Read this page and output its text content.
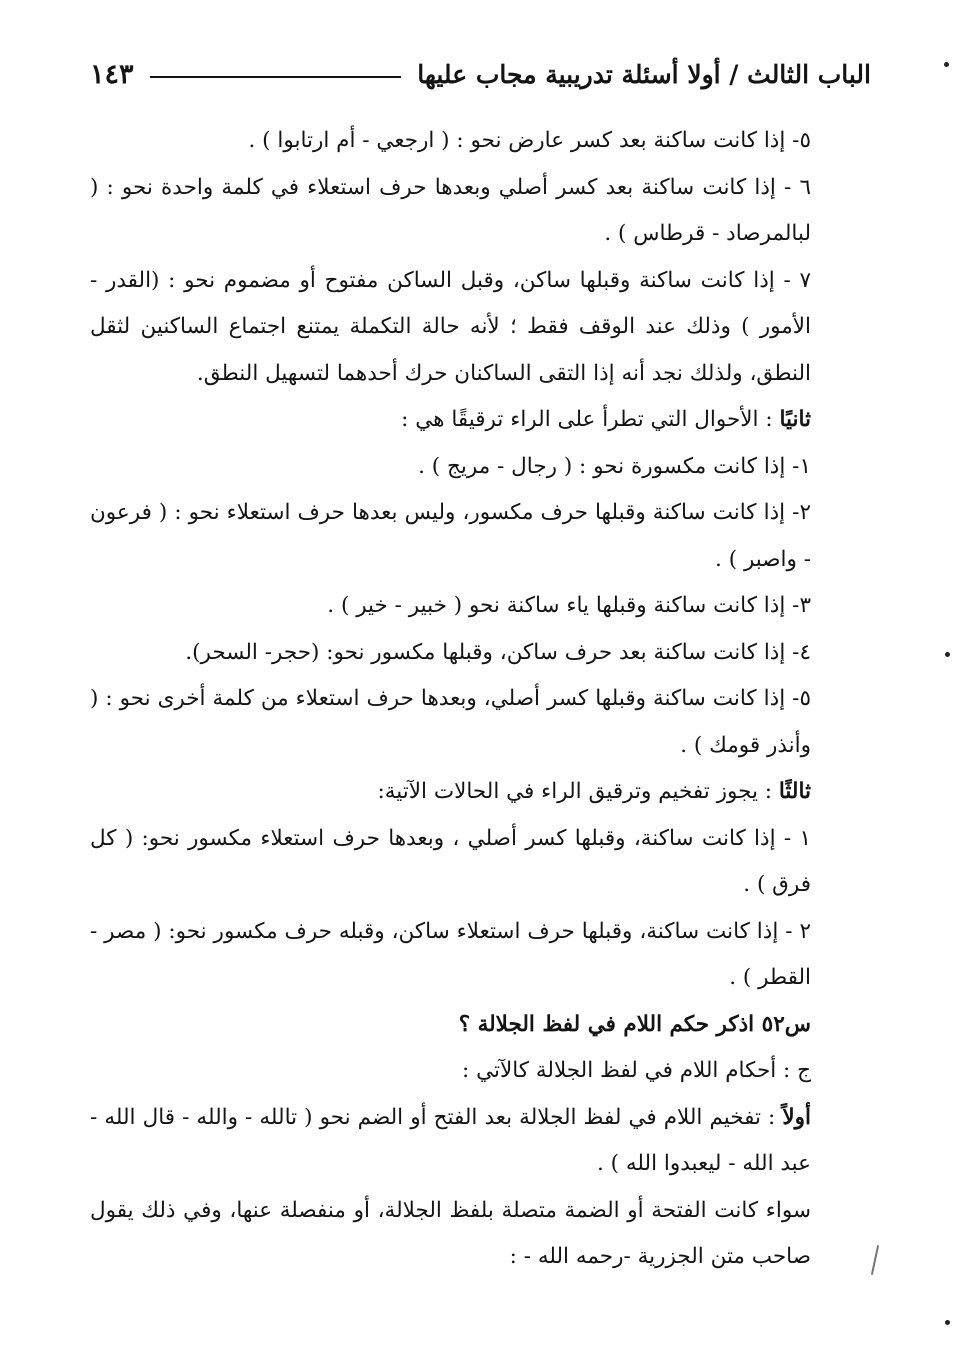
الباب الثالث / أولا أسئلة تدريبية مجاب عليها
١٤٣

٥- إذا كانت ساكنة بعد كسر عارض نحو : ( ارجعي - أم ارتابوا ) .

٦ - إذا كانت ساكنة بعد كسر أصلي وبعدها حرف استعلاء في كلمة واحدة نحو : ( لبالمرصاد - قرطاس ) .

٧ - إذا كانت ساكنة وقبلها ساكن، وقبل الساكن مفتوح أو مضموم نحو : (القدر - الأمور ) وذلك عند الوقف فقط ؛ لأنه حالة التكملة يمتنع اجتماع الساكنين لثقل النطق، ولذلك نجد أنه إذا التقى الساكنان حرك أحدهما لتسهيل النطق.

ثانيًا : الأحوال التي تطرأ على الراء ترقيقًا هي :

١- إذا كانت مكسورة نحو : ( رجال - مريج ) .

٢- إذا كانت ساكنة وقبلها حرف مكسور، وليس بعدها حرف استعلاء نحو : ( فرعون - واصبر ) .

٣- إذا كانت ساكنة وقبلها ياء ساكنة نحو ( خبير - خير ) .

٤- إذا كانت ساكنة بعد حرف ساكن، وقبلها مكسور نحو: (حجر- السحر).

٥- إذا كانت ساكنة وقبلها كسر أصلي، وبعدها حرف استعلاء من كلمة أخرى نحو : ( وأنذر قومك ) .

ثالثًا : يجوز تفخيم وترقيق الراء في الحالات الآتية:

١ - إذا كانت ساكنة، وقبلها كسر أصلي ، وبعدها حرف استعلاء مكسور نحو: ( كل فرق ) .

٢ - إذا كانت ساكنة، وقبلها حرف استعلاء ساكن، وقبله حرف مكسور نحو: ( مصر - القطر ) .

س٥٢ اذكر حكم اللام في لفظ الجلالة ؟

ج : أحكام اللام في لفظ الجلالة كالآتي :

أولاً : تفخيم اللام في لفظ الجلالة بعد الفتح أو الضم نحو ( تالله - والله - قال الله - عبد الله - ليعبدوا الله ) .

سواء كانت الفتحة أو الضمة متصلة بلفظ الجلالة، أو منفصلة عنها، وفي ذلك يقول صاحب متن الجزرية -رحمه الله - :
